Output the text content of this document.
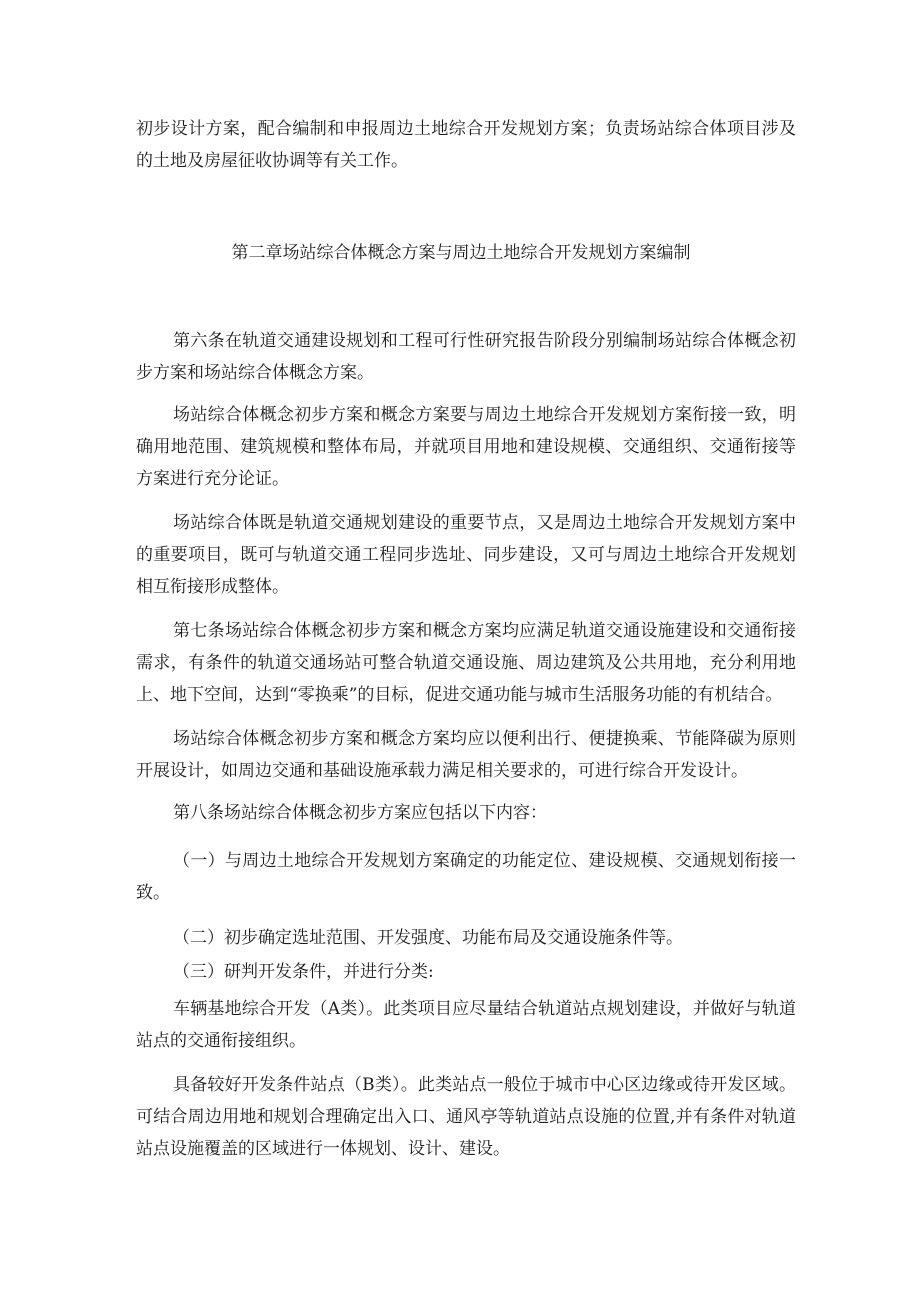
初步设计方案，配合编制和申报周边土地综合开发规划方案；负责场站综合体项目涉及的土地及房屋征收协调等有关工作。

第二章场站综合体概念方案与周边土地综合开发规划方案编制

第六条在轨道交通建设规划和工程可行性研究报告阶段分别编制场站综合体概念初步方案和场站综合体概念方案。

场站综合体概念初步方案和概念方案要与周边土地综合开发规划方案衔接一致，明确用地范围、建筑规模和整体布局，并就项目用地和建设规模、交通组织、交通衔接等方案进行充分论证。

场站综合体既是轨道交通规划建设的重要节点，又是周边土地综合开发规划方案中的重要项目，既可与轨道交通工程同步选址、同步建设，又可与周边土地综合开发规划相互衔接形成整体。

第七条场站综合体概念初步方案和概念方案均应满足轨道交通设施建设和交通衔接需求，有条件的轨道交通场站可整合轨道交通设施、周边建筑及公共用地，充分利用地上、地下空间，达到“零换乘”的目标，促进交通功能与城市生活服务功能的有机结合。

场站综合体概念初步方案和概念方案均应以便利出行、便捷换乘、节能降碳为原则开展设计，如周边交通和基础设施承载力满足相关要求的，可进行综合开发设计。

第八条场站综合体概念初步方案应包括以下内容：

（一）与周边土地综合开发规划方案确定的功能定位、建设规模、交通规划衔接一致。

（二）初步确定选址范围、开发强度、功能布局及交通设施条件等。

（三）研判开发条件，并进行分类:

车辆基地综合开发（A类）。此类项目应尽量结合轨道站点规划建设，并做好与轨道站点的交通衔接组织。

具备较好开发条件站点（B类）。此类站点一般位于城市中心区边缘或待开发区域。可结合周边用地和规划合理确定出入口、通风亭等轨道站点设施的位置,并有条件对轨道站点设施覆盖的区域进行一体规划、设计、建设。
